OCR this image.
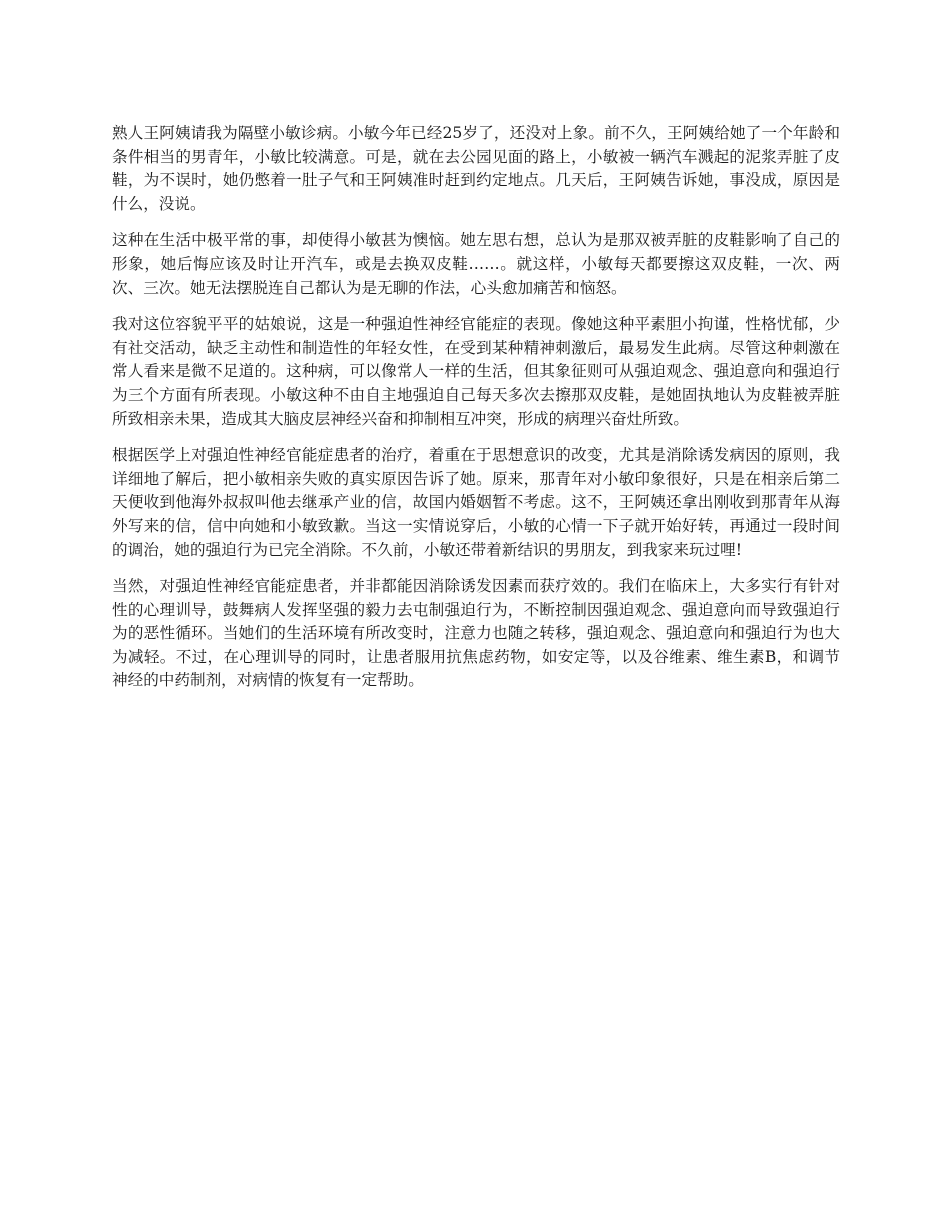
熟人王阿姨请我为隔壁小敏诊病。小敏今年已经25岁了，还没对上象。前不久，王阿姨给她了一个年龄和条件相当的男青年，小敏比较满意。可是，就在去公园见面的路上，小敏被一辆汽车溅起的泥浆弄脏了皮鞋，为不误时，她仍憋着一肚子气和王阿姨准时赶到约定地点。几天后，王阿姨告诉她，事没成，原因是什么，没说。

这种在生活中极平常的事，却使得小敏甚为懊恼。她左思右想，总认为是那双被弄脏的皮鞋影响了自己的形象，她后悔应该及时让开汽车，或是去换双皮鞋……。就这样，小敏每天都要擦这双皮鞋，一次、两次、三次。她无法摆脱连自己都认为是无聊的作法，心头愈加痛苦和恼怒。

我对这位容貌平平的姑娘说，这是一种强迫性神经官能症的表现。像她这种平素胆小拘谨，性格忧郁，少有社交活动，缺乏主动性和制造性的年轻女性，在受到某种精神刺激后，最易发生此病。尽管这种刺激在常人看来是微不足道的。这种病，可以像常人一样的生活，但其象征则可从强迫观念、强迫意向和强迫行为三个方面有所表现。小敏这种不由自主地强迫自己每天多次去擦那双皮鞋，是她固执地认为皮鞋被弄脏所致相亲未果，造成其大脑皮层神经兴奋和抑制相互冲突，形成的病理兴奋灶所致。

根据医学上对强迫性神经官能症患者的治疗，着重在于思想意识的改变，尤其是消除诱发病因的原则，我详细地了解后，把小敏相亲失败的真实原因告诉了她。原来，那青年对小敏印象很好，只是在相亲后第二天便收到他海外叔叔叫他去继承产业的信，故国内婚姻暂不考虑。这不，王阿姨还拿出刚收到那青年从海外写来的信，信中向她和小敏致歉。当这一实情说穿后，小敏的心情一下子就开始好转，再通过一段时间的调治，她的强迫行为已完全消除。不久前，小敏还带着新结识的男朋友，到我家来玩过哩!

当然，对强迫性神经官能症患者，并非都能因消除诱发因素而获疗效的。我们在临床上，大多实行有针对性的心理训导，鼓舞病人发挥坚强的毅力去屯制强迫行为，不断控制因强迫观念、强迫意向而导致强迫行为的恶性循环。当她们的生活环境有所改变时，注意力也随之转移，强迫观念、强迫意向和强迫行为也大为减轻。不过，在心理训导的同时，让患者服用抗焦虑药物，如安定等，以及谷维素、维生素B，和调节神经的中药制剂，对病情的恢复有一定帮助。
